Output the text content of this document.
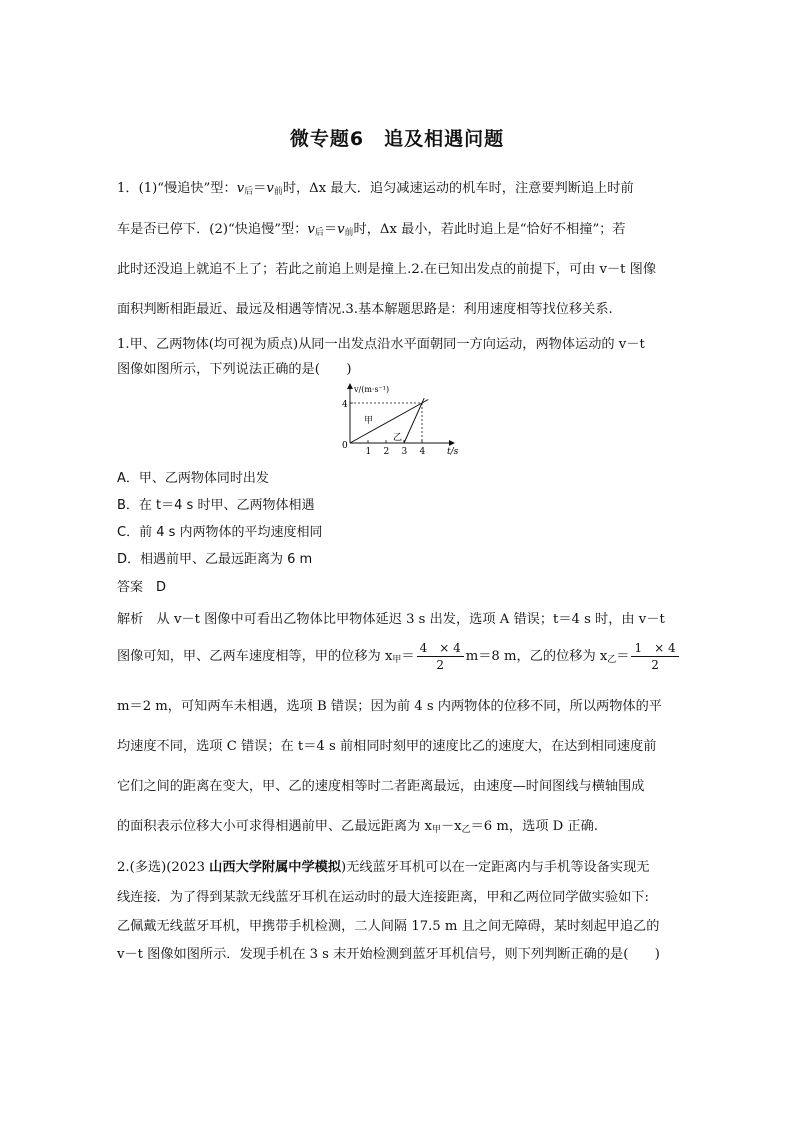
微专题6　追及相遇问题
1．(1)“慢追快”型：$v_后=v_前$时，Δx 最大．追匀减速运动的机车时，注意要判断追上时前
车是否已停下．(2)“快追慢”型：$v_后=v_前$时，Δx 最小，若此时追上是“恰好不相撞”；若
此时还没追上就追不上了；若此之前追上则是撞上.2.在已知出发点的前提下，可由 v－t 图像
面积判断相距最近、最远及相遇等情况.3.基本解题思路是：利用速度相等找位移关系.
1.甲、乙两物体(均可视为质点)从同一出发点沿水平面朝同一方向运动，两物体运动的 v－t
图像如图所示，下列说法正确的是(　　)
v/(m·s⁻¹)
t/s
0
4
甲
乙
1 2 3 4
A．甲、乙两物体同时出发
B．在 t＝4 s 时甲、乙两物体相遇
C．前 4 s 内两物体的平均速度相同
D．相遇前甲、乙最远距离为 6 m
答案　 D
解析　从 v－t 图像中可看出乙物体比甲物体延迟 3 s 出发，选项 A 错误；t＝4 s 时，由 v－t
图像可知，甲、乙两车速度相等，甲的位移为 $x_甲= \frac{4 \times 4}{2} m=8$ m，乙的位移为 $x_乙= \frac{1 \times 4}{2}$
m＝2 m，可知两车未相遇，选项 B 错误；因为前 4 s 内两物体的位移不同，所以两物体的平
均速度不同，选项 C 错误；在 t＝4 s 前相同时刻甲的速度比乙的速度大，在达到相同速度前
它们之间的距离在变大，甲、乙的速度相等时二者距离最远，由速度—时间图线与横轴围成
的面积表示位移大小可求得相遇前甲、乙最远距离为 $x_甲-x_乙=6$ m，选项 D 正确.
2.(多选)(2023 山西大学附属中学模拟)无线蓝牙耳机可以在一定距离内与手机等设备实现无
线连接．为了得到某款无线蓝牙耳机在运动时的最大连接距离，甲和乙两位同学做实验如下:
乙佩戴无线蓝牙耳机，甲携带手机检测，二人间隔 17.5 m 且之间无障碍，某时刻起甲追乙的
v－t 图像如图所示．发现手机在 3 s 末开始检测到蓝牙耳机信号，则下列判断正确的是(　　)
